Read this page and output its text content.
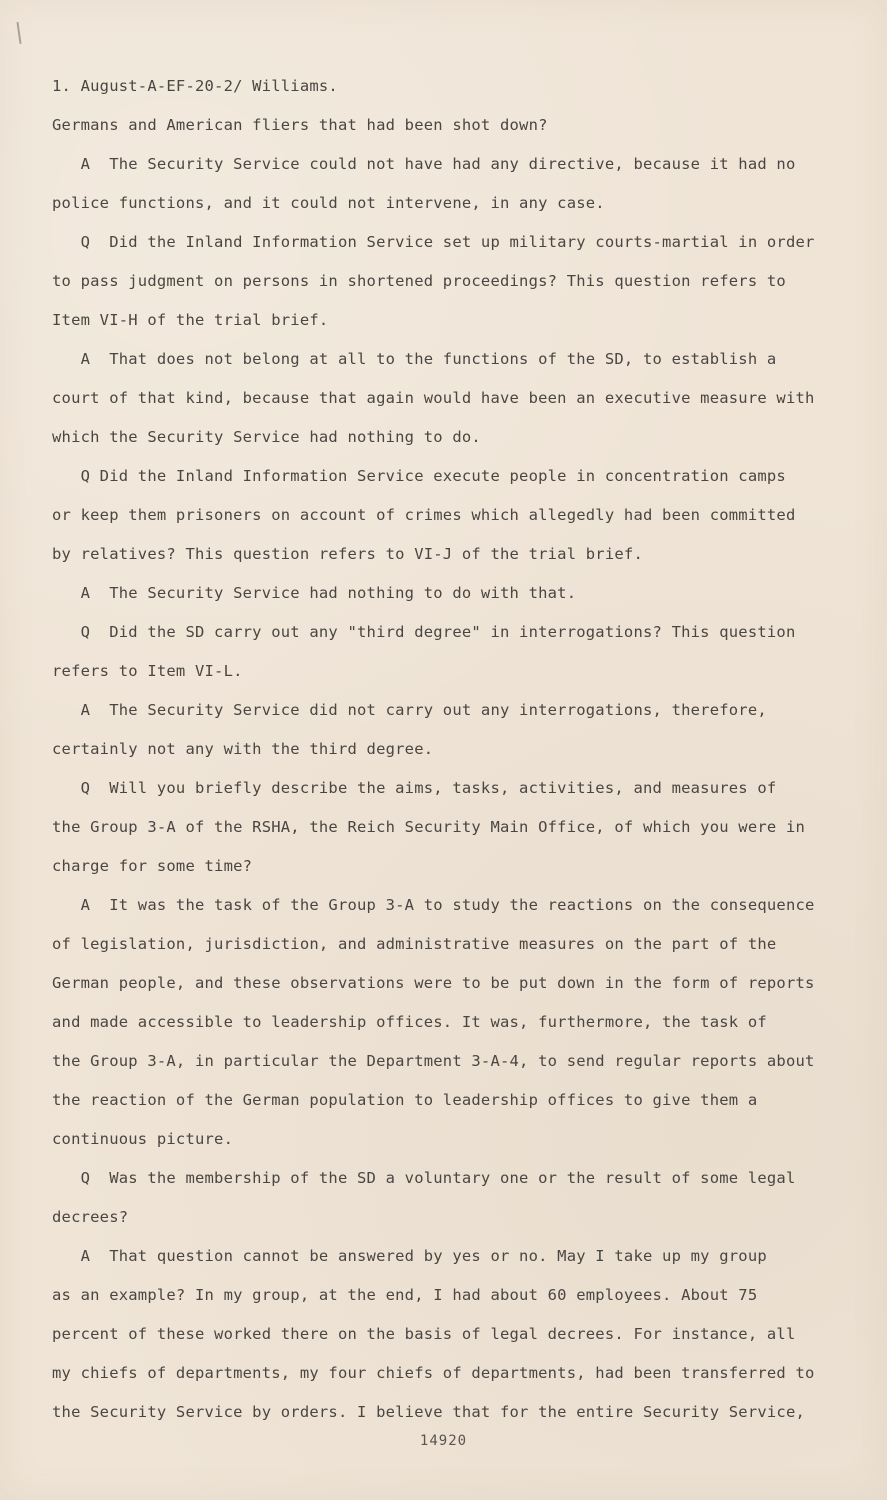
1. August-A-EF-20-2/ Williams.
Germans and American fliers that had been shot down?
A  The Security Service could not have had any directive, because it had no
police functions, and it could not intervene, in any case.
Q  Did the Inland Information Service set up military courts-martial in order
to pass judgment on persons in shortened proceedings? This question refers to
Item VI-H of the trial brief.
A  That does not belong at all to the functions of the SD, to establish a
court of that kind, because that again would have been an executive measure with
which the Security Service had nothing to do.
Q Did the Inland Information Service execute people in concentration camps
or keep them prisoners on account of crimes which allegedly had been committed
by relatives? This question refers to VI-J of the trial brief.
A  The Security Service had nothing to do with that.
Q  Did the SD carry out any "third degree" in interrogations? This question
refers to Item VI-L.
A  The Security Service did not carry out any interrogations, therefore,
certainly not any with the third degree.
Q  Will you briefly describe the aims, tasks, activities, and measures of
the Group 3-A of the RSHA, the Reich Security Main Office, of which you were in
charge for some time?
A  It was the task of the Group 3-A to study the reactions on the consequence
of legislation, jurisdiction, and administrative measures on the part of the
German people, and these observations were to be put down in the form of reports
and made accessible to leadership offices. It was, furthermore, the task of
the Group 3-A, in particular the Department 3-A-4, to send regular reports about
the reaction of the German population to leadership offices to give them a
continuous picture.
Q  Was the membership of the SD a voluntary one or the result of some legal
decrees?
A  That question cannot be answered by yes or no. May I take up my group
as an example? In my group, at the end, I had about 60 employees. About 75
percent of these worked there on the basis of legal decrees. For instance, all
my chiefs of departments, my four chiefs of departments, had been transferred to
the Security Service by orders. I believe that for the entire Security Service,
14920
